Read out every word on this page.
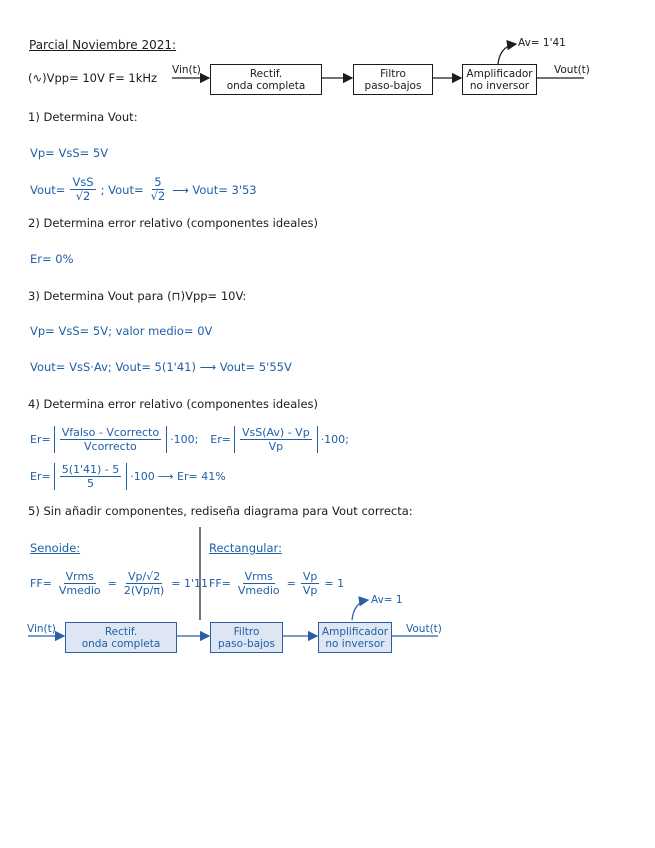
Parcial Noviembre 2021:
(∿)Vpp= 10V F= 1kHz
Vin(t)	Rectif.
onda completa
Filtro
paso-bajos
Amplificador
no inversor
Av= 1'41
Vout(t)
1) Determina Vout:
Vp= VsS= 5V
Vout= $\frac{\text{VsS}}{√2}$ ; Vout= $\frac{5}{√2}$ ⟶ Vout= 3'53
2) Determina error relativo (componentes ideales)
Er= 0%
3) Determina Vout para (⊓)Vpp= 10V:
Vp= VsS= 5V; valor medio= 0V
Vout= VsS·Av; Vout= 5(1'41) ⟶ Vout= 5'55V
4) Determina error relativo (componentes ideales)
$Er= \frac{\text{Vfalso - Vcorrecto}}{\text{Vcorrecto}} \cdot 100$; $Er= \frac{\text{VsS(Av) - Vp}}{Vp} \cdot 100$;
$Er= \frac{5(1'41) - 5}{5} \cdot 100$ ⟶ Er= 41%
5) Sin añadir componentes, rediseña diagrama para Vout correcta:
Senoide:
$FF= \frac{\text{Vrms}}{\text{Vmedio}} = \frac{Vp/√2}{2(Vp/\pi)} = 1'11$
Rectangular:
$FF= \frac{\text{Vrms}}{\text{Vmedio}} = \frac{Vp}{Vp} = 1$
Vin(t)	Rectif.
onda completa
Filtro
paso-bajos
Amplificador
no inversor
Av= 1
Vout(t)
